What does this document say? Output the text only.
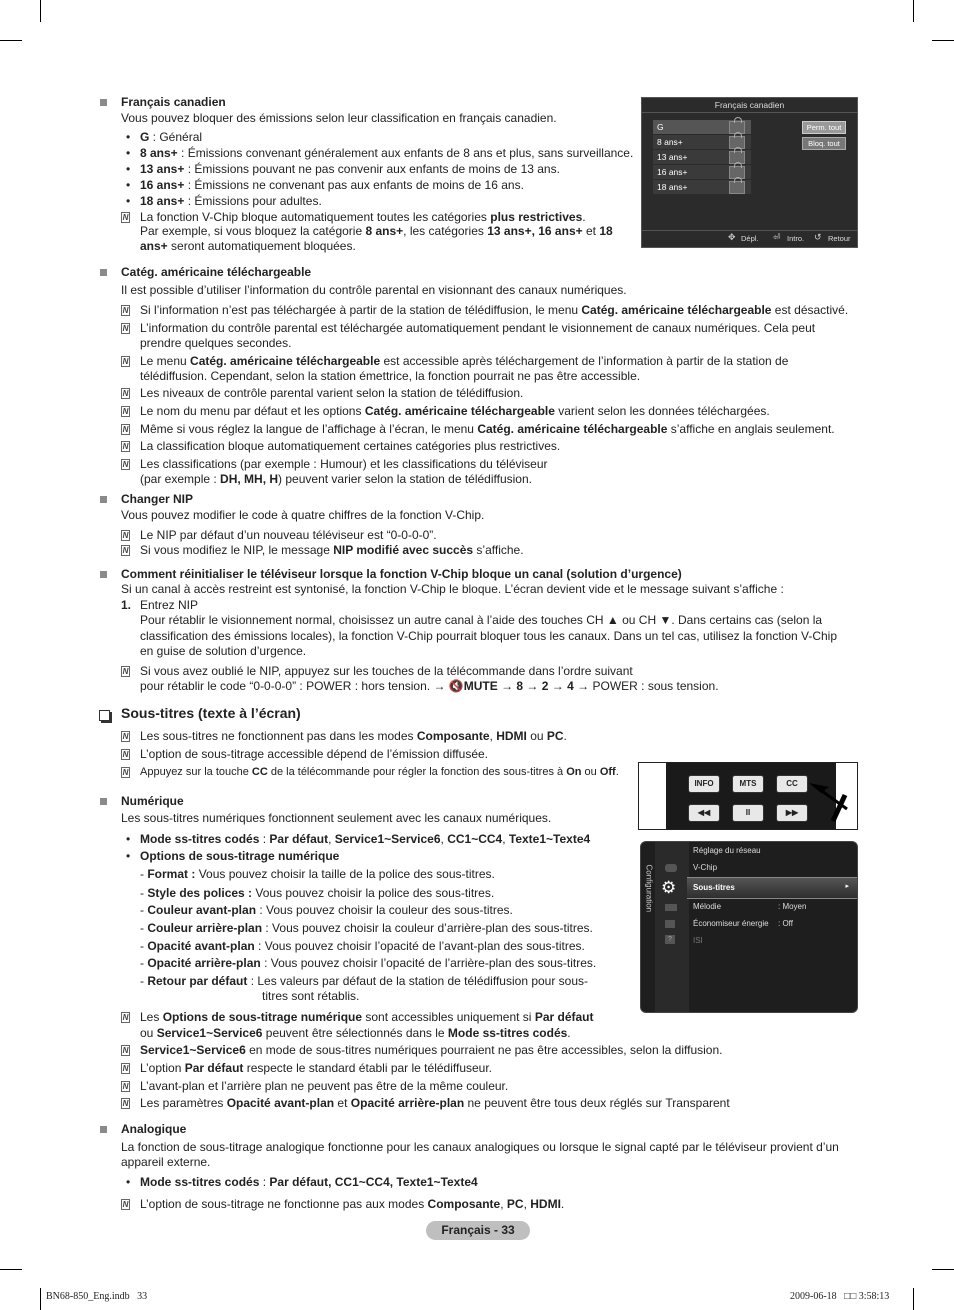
Français canadien
Vous pouvez bloquer des émissions selon leur classification en français canadien.
• G : Général
• 8 ans+ : Émissions convenant généralement aux enfants de 8 ans et plus, sans surveillance.
• 13 ans+ : Émissions pouvant ne pas convenir aux enfants de moins de 13 ans.
• 16 ans+ : Émissions ne convenant pas aux enfants de moins de 16 ans.
• 18 ans+ : Émissions pour adultes.
N La fonction V-Chip bloque automatiquement toutes les catégories plus restrictives.
Par exemple, si vous bloquez la catégorie 8 ans+, les catégories 13 ans+, 16 ans+ et 18
ans+ seront automatiquement bloquées.
Français canadien
G
8 ans+
13 ans+
16 ans+
18 ans+
Perm. tout
Bloq. tout
✥ Dépl. ⏎ Intro. ↺ Retour
Catég. américaine téléchargeable
Il est possible d’utiliser l’information du contrôle parental en visionnant des canaux numériques.
N Si l’information n’est pas téléchargée à partir de la station de télédiffusion, le menu Catég. américaine téléchargeable est désactivé.
N L’information du contrôle parental est téléchargée automatiquement pendant le visionnement de canaux numériques. Cela peut
prendre quelques secondes.
N Le menu Catég. américaine téléchargeable est accessible après téléchargement de l’information à partir de la station de
télédiffusion. Cependant, selon la station émettrice, la fonction pourrait ne pas être accessible.
N Les niveaux de contrôle parental varient selon la station de télédiffusion.
N Le nom du menu par défaut et les options Catég. américaine téléchargeable varient selon les données téléchargées.
N Même si vous réglez la langue de l’affichage à l’écran, le menu Catég. américaine téléchargeable s’affiche en anglais seulement.
N La classification bloque automatiquement certaines catégories plus restrictives.
N Les classifications (par exemple : Humour) et les classifications du téléviseur
(par exemple : DH, MH, H) peuvent varier selon la station de télédiffusion.
Changer NIP
Vous pouvez modifier le code à quatre chiffres de la fonction V-Chip.
N Le NIP par défaut d’un nouveau téléviseur est “0-0-0-0”.
N Si vous modifiez le NIP, le message NIP modifié avec succès s’affiche.
Comment réinitialiser le téléviseur lorsque la fonction V-Chip bloque un canal (solution d’urgence)
Si un canal à accès restreint est syntonisé, la fonction V-Chip le bloque. L’écran devient vide et le message suivant s’affiche :
1. Entrez NIP
Pour rétablir le visionnement normal, choisissez un autre canal à l’aide des touches CH ▲ ou CH ▼. Dans certains cas (selon la
classification des émissions locales), la fonction V-Chip pourrait bloquer tous les canaux. Dans un tel cas, utilisez la fonction V-Chip
en guise de solution d’urgence.
N Si vous avez oublié le NIP, appuyez sur les touches de la télécommande dans l’ordre suivant
pour rétablir le code “0-0-0-0” : POWER : hors tension. → 🔇MUTE → 8 → 2 → 4 → POWER : sous tension.
Sous-titres (texte à l’écran)
N Les sous-titres ne fonctionnent pas dans les modes Composante, HDMI ou PC.
N L’option de sous-titrage accessible dépend de l’émission diffusée.
N Appuyez sur la touche CC de la télécommande pour régler la fonction des sous-titres à On ou Off.
INFO	MTS	CC
◀◀	II	▶▶
Numérique
Les sous-titres numériques fonctionnent seulement avec les canaux numériques.
• Mode ss-titres codés : Par défaut, Service1~Service6, CC1~CC4, Texte1~Texte4
• Options de sous-titrage numérique
- Format : Vous pouvez choisir la taille de la police des sous-titres.
- Style des polices : Vous pouvez choisir la police des sous-titres.
- Couleur avant-plan : Vous pouvez choisir la couleur des sous-titres.
- Couleur arrière-plan : Vous pouvez choisir la couleur d’arrière-plan des sous-titres.
- Opacité avant-plan : Vous pouvez choisir l’opacité de l’avant-plan des sous-titres.
- Opacité arrière-plan : Vous pouvez choisir l’opacité de l’arrière-plan des sous-titres.
- Retour par défaut : Les valeurs par défaut de la station de télédiffusion pour sous-
titres sont rétablis.
N Les Options de sous-titrage numérique sont accessibles uniquement si Par défaut
ou Service1~Service6 peuvent être sélectionnés dans le Mode ss-titres codés.
N Service1~Service6 en mode de sous-titres numériques pourraient ne pas être accessibles, selon la diffusion.
N L’option Par défaut respecte le standard établi par le télédiffuseur.
N L’avant-plan et l’arrière plan ne peuvent pas être de la même couleur.
N Les paramètres Opacité avant-plan et Opacité arrière-plan ne peuvent être tous deux réglés sur Transparent
Configuration ⚙
?
Réglage du réseau
V-Chip
Sous-titres	▸
Mélodie	: Moyen
Économiseur énergie : Off
ISI
Analogique
La fonction de sous-titrage analogique fonctionne pour les canaux analogiques ou lorsque le signal capté par le téléviseur provient d’un
appareil externe.
• Mode ss-titres codés : Par défaut, CC1~CC4, Texte1~Texte4
N L’option de sous-titrage ne fonctionne pas aux modes Composante, PC, HDMI.
Français - 33
BN68-850_Eng.indb   33	2009-06-18   □□ 3:58:13
